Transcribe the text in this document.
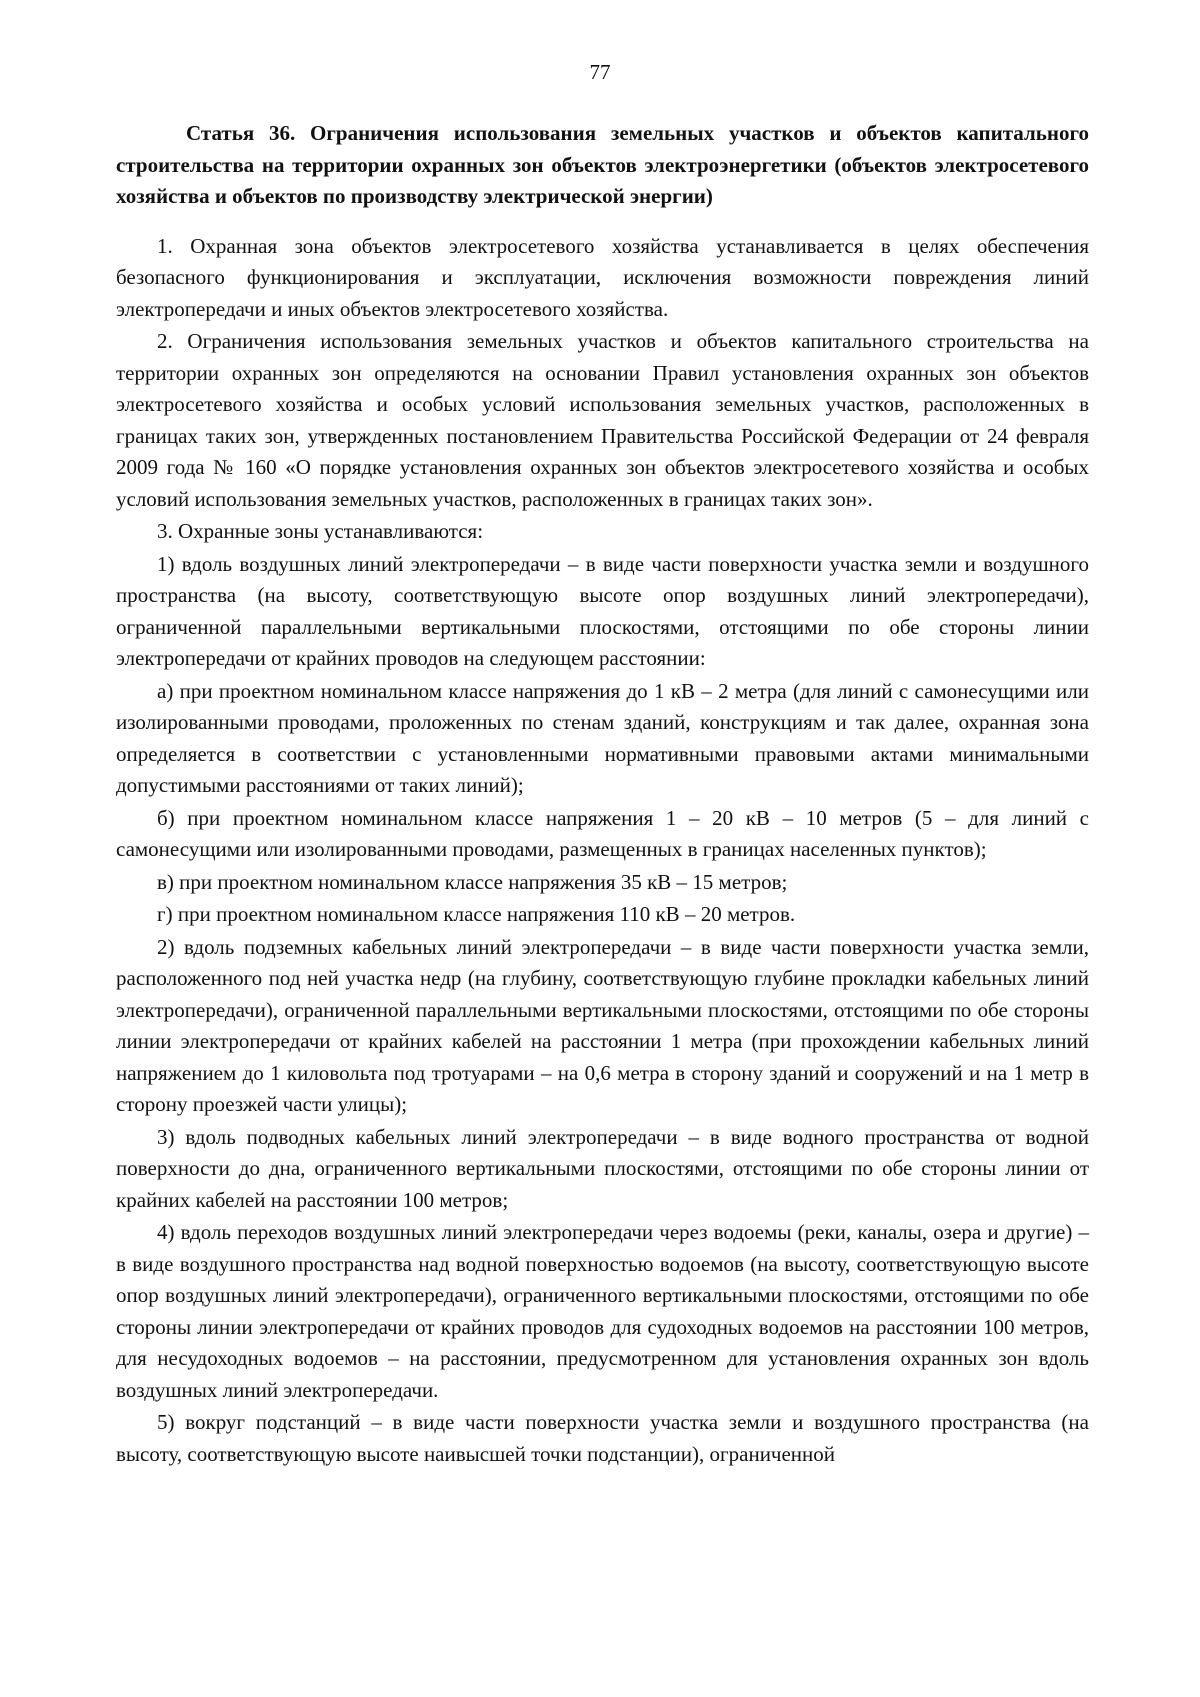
77

Статья 36. Ограничения использования земельных участков и объектов капитального строительства на территории охранных зон объектов электроэнергетики (объектов электросетевого хозяйства и объектов по производству электрической энергии)

1. Охранная зона объектов электросетевого хозяйства устанавливается в целях обеспечения безопасного функционирования и эксплуатации, исключения возможности повреждения линий электропередачи и иных объектов электросетевого хозяйства.

2. Ограничения использования земельных участков и объектов капитального строительства на территории охранных зон определяются на основании Правил установления охранных зон объектов электросетевого хозяйства и особых условий использования земельных участков, расположенных в границах таких зон, утвержденных постановлением Правительства Российской Федерации от 24 февраля 2009 года № 160 «О порядке установления охранных зон объектов электросетевого хозяйства и особых условий использования земельных участков, расположенных в границах таких зон».

3. Охранные зоны устанавливаются:

1) вдоль воздушных линий электропередачи – в виде части поверхности участка земли и воздушного пространства (на высоту, соответствующую высоте опор воздушных линий электропередачи), ограниченной параллельными вертикальными плоскостями, отстоящими по обе стороны линии электропередачи от крайних проводов на следующем расстоянии:

а) при проектном номинальном классе напряжения до 1 кВ – 2 метра (для линий с самонесущими или изолированными проводами, проложенных по стенам зданий, конструкциям и так далее, охранная зона определяется в соответствии с установленными нормативными правовыми актами минимальными допустимыми расстояниями от таких линий);

б) при проектном номинальном классе напряжения 1 – 20 кВ – 10 метров (5 – для линий с самонесущими или изолированными проводами, размещенных в границах населенных пунктов);

в) при проектном номинальном классе напряжения 35 кВ – 15 метров;

г) при проектном номинальном классе напряжения 110 кВ – 20 метров.

2) вдоль подземных кабельных линий электропередачи – в виде части поверхности участка земли, расположенного под ней участка недр (на глубину, соответствующую глубине прокладки кабельных линий электропередачи), ограниченной параллельными вертикальными плоскостями, отстоящими по обе стороны линии электропередачи от крайних кабелей на расстоянии 1 метра (при прохождении кабельных линий напряжением до 1 киловольта под тротуарами – на 0,6 метра в сторону зданий и сооружений и на 1 метр в сторону проезжей части улицы);

3) вдоль подводных кабельных линий электропередачи – в виде водного пространства от водной поверхности до дна, ограниченного вертикальными плоскостями, отстоящими по обе стороны линии от крайних кабелей на расстоянии 100 метров;

4) вдоль переходов воздушных линий электропередачи через водоемы (реки, каналы, озера и другие) – в виде воздушного пространства над водной поверхностью водоемов (на высоту, соответствующую высоте опор воздушных линий электропередачи), ограниченного вертикальными плоскостями, отстоящими по обе стороны линии электропередачи от крайних проводов для судоходных водоемов на расстоянии 100 метров, для несудоходных водоемов – на расстоянии, предусмотренном для установления охранных зон вдоль воздушных линий электропередачи.

5) вокруг подстанций – в виде части поверхности участка земли и воздушного пространства (на высоту, соответствующую высоте наивысшей точки подстанции), ограниченной
